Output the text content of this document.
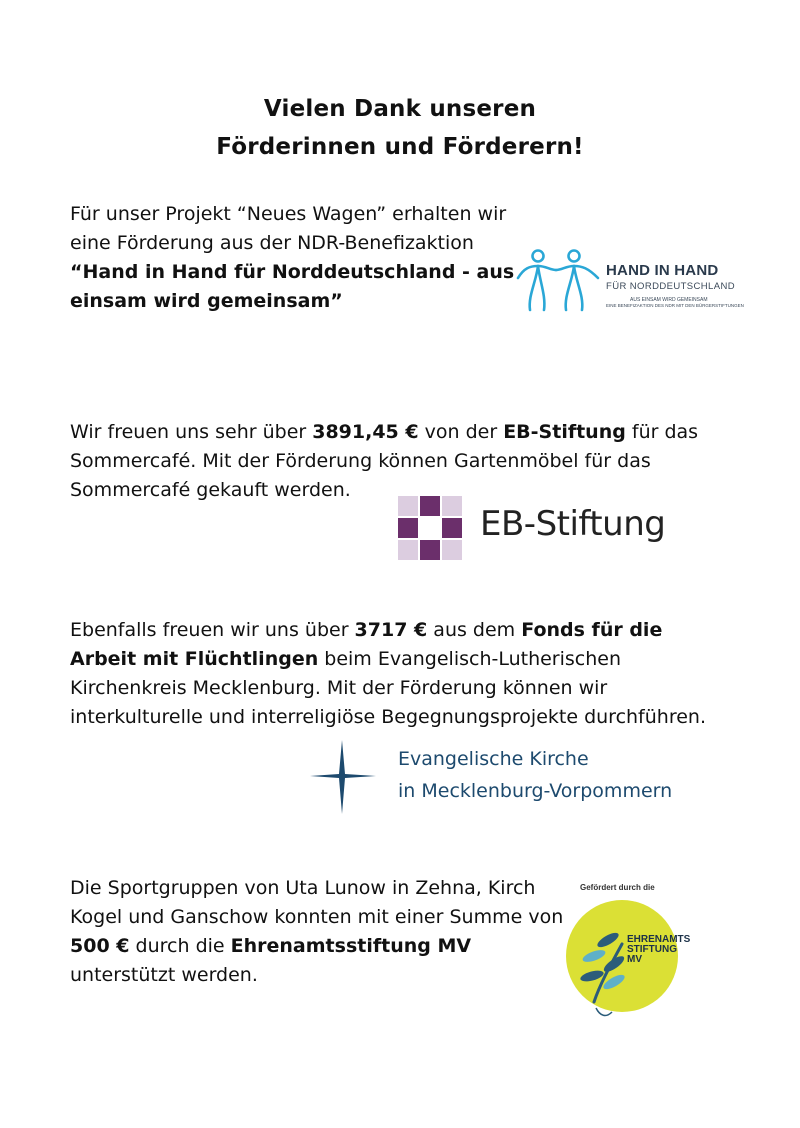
Vielen Dank unseren
Förderinnen und Förderern!
Für unser Projekt “Neues Wagen” erhalten wir eine Förderung aus der NDR-Benefizaktion “Hand in Hand für Norddeutschland - aus einsam wird gemeinsam”
HAND IN HAND
FÜR NORDDEUTSCHLAND
AUS EINSAM WIRD GEMEINSAM
EINE BENEFIZAKTION DES NDR MIT DEN BÜRGERSTIFTUNGEN
Wir freuen uns sehr über 3891,45 € von der EB-Stiftung für das Sommercafé. Mit der Förderung können Gartenmöbel für das Sommercafé gekauft werden.
EB-Stiftung
Ebenfalls freuen wir uns über 3717 € aus dem Fonds für die Arbeit mit Flüchtlingen beim Evangelisch-Lutherischen Kirchenkreis Mecklenburg. Mit der Förderung können wir interkulturelle und interreligiöse Begegnungsprojekte durchführen.
Evangelische Kirche
in Mecklenburg-Vorpommern
Die Sportgruppen von Uta Lunow in Zehna, Kirch Kogel und Ganschow konnten mit einer Summe von 500 € durch die Ehrenamtsstiftung MV unterstützt werden.
Gefördert durch die
EHRENAMTS
STIFTUNG
MV
